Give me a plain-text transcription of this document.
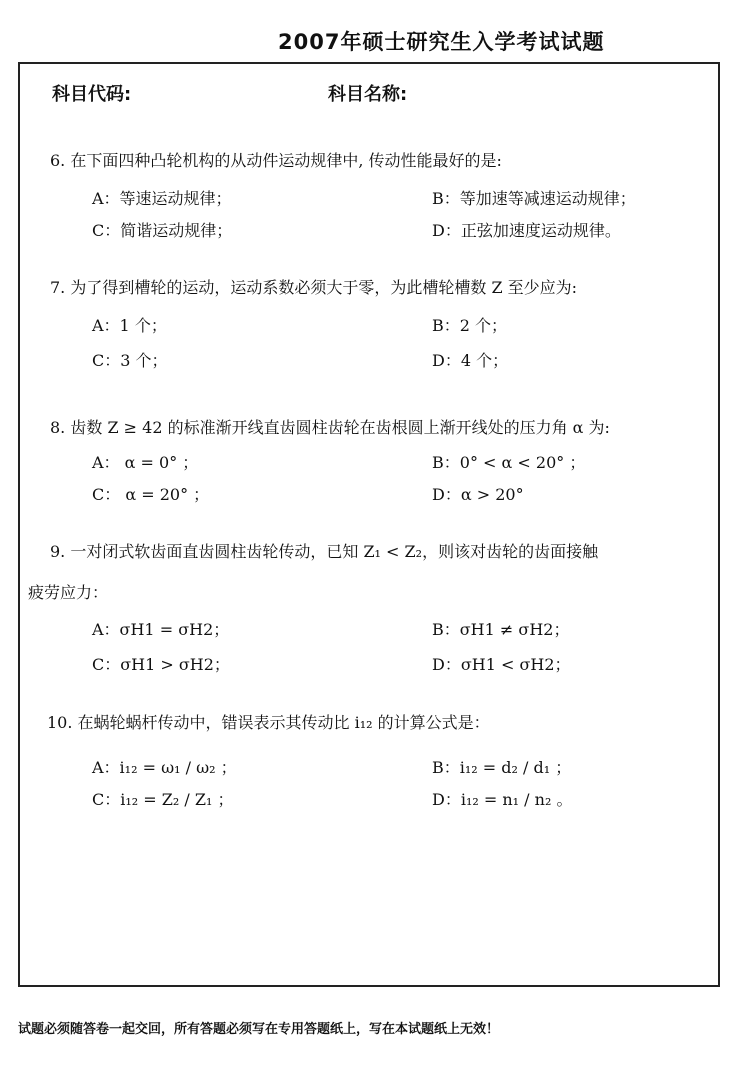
2007年硕士研究生入学考试试题
科目代码:	科目名称:
6. 在下面四种凸轮机构的从动件运动规律中, 传动性能最好的是:
A：等速运动规律；	B：等加速等减速运动规律；
C：简谐运动规律；	D：正弦加速度运动规律。
7. 为了得到槽轮的运动，运动系数必须大于零，为此槽轮槽数 Z 至少应为:
A：1 个；	B：2 个；
C：3 个；	D：4 个；
8. 齿数 Z ≥ 42 的标准渐开线直齿圆柱齿轮在齿根圆上渐开线处的压力角 α 为:
A： α = 0° ；	B：0° < α < 20° ；
C： α = 20° ；	D：α > 20°
9. 一对闭式软齿面直齿圆柱齿轮传动，已知 Z₁ < Z₂，则该对齿轮的齿面接触
疲劳应力：
A：σH1 = σH2；	B：σH1 ≠ σH2；
C：σH1 > σH2；	D：σH1 < σH2；
10. 在蜗轮蜗杆传动中，错误表示其传动比 i₁₂ 的计算公式是：
A：i₁₂ = ω₁ / ω₂ ；	B：i₁₂ = d₂ / d₁ ；
C：i₁₂ = Z₂ / Z₁ ；	D：i₁₂ = n₁ / n₂ 。
试题必须随答卷一起交回，所有答题必须写在专用答题纸上，写在本试题纸上无效！
